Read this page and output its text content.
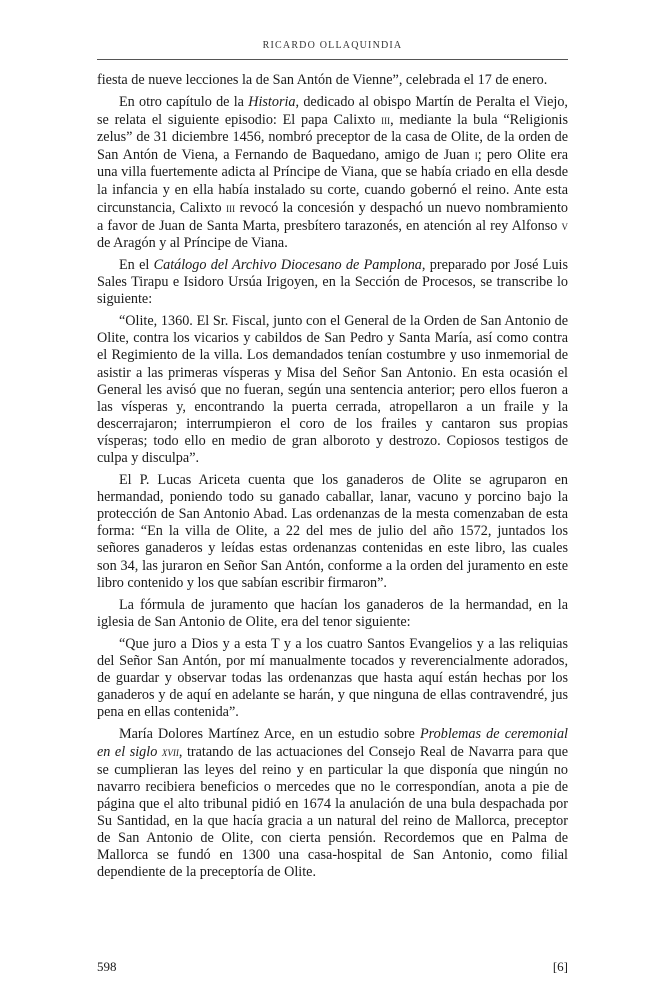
RICARDO OLLAQUINDIA

fiesta de nueve lecciones la de San Antón de Vienne”, celebrada el 17 de enero.

En otro capítulo de la Historia, dedicado al obispo Martín de Peralta el Viejo, se relata el siguiente episodio: El papa Calixto iii, mediante la bula “Religionis zelus” de 31 diciembre 1456, nombró preceptor de la casa de Olite, de la orden de San Antón de Viena, a Fernando de Baquedano, amigo de Juan i; pero Olite era una villa fuertemente adicta al Príncipe de Viana, que se había criado en ella desde la infancia y en ella había instalado su corte, cuando gobernó el reino. Ante esta circunstancia, Calixto iii revocó la concesión y despachó un nuevo nombramiento a favor de Juan de Santa Marta, presbítero tarazonés, en atención al rey Alfonso v de Aragón y al Príncipe de Viana.

En el Catálogo del Archivo Diocesano de Pamplona, preparado por José Luis Sales Tirapu e Isidoro Ursúa Irigoyen, en la Sección de Procesos, se transcribe lo siguiente:

“Olite, 1360. El Sr. Fiscal, junto con el General de la Orden de San Antonio de Olite, contra los vicarios y cabildos de San Pedro y Santa María, así como contra el Regimiento de la villa. Los demandados tenían costumbre y uso inmemorial de asistir a las primeras vísperas y Misa del Señor San Antonio. En esta ocasión el General les avisó que no fueran, según una sentencia anterior; pero ellos fueron a las vísperas y, encontrando la puerta cerrada, atropellaron a un fraile y la descerrajaron; interrumpieron el coro de los frailes y cantaron sus propias vísperas; todo ello en medio de gran alboroto y destrozo. Copiosos testigos de culpa y disculpa”.

El P. Lucas Ariceta cuenta que los ganaderos de Olite se agruparon en hermandad, poniendo todo su ganado caballar, lanar, vacuno y porcino bajo la protección de San Antonio Abad. Las ordenanzas de la mesta comenzaban de esta forma: “En la villa de Olite, a 22 del mes de julio del año 1572, juntados los señores ganaderos y leídas estas ordenanzas contenidas en este libro, las cuales son 34, las juraron en Señor San Antón, conforme a la orden del juramento en este libro contenido y los que sabían escribir firmaron”.

La fórmula de juramento que hacían los ganaderos de la hermandad, en la iglesia de San Antonio de Olite, era del tenor siguiente:

“Que juro a Dios y a esta T y a los cuatro Santos Evangelios y a las reliquias del Señor San Antón, por mí manualmente tocados y reverencialmente adorados, de guardar y observar todas las ordenanzas que hasta aquí están hechas por los ganaderos y de aquí en adelante se harán, y que ninguna de ellas contravendré, jus pena en ellas contenida”.

María Dolores Martínez Arce, en un estudio sobre Problemas de ceremonial en el siglo xvii, tratando de las actuaciones del Consejo Real de Navarra para que se cumplieran las leyes del reino y en particular la que disponía que ningún no navarro recibiera beneficios o mercedes que no le correspondían, anota a pie de página que el alto tribunal pidió en 1674 la anulación de una bula despachada por Su Santidad, en la que hacía gracia a un natural del reino de Mallorca, preceptor de San Antonio de Olite, con cierta pensión. Recordemos que en Palma de Mallorca se fundó en 1300 una casa-hospital de San Antonio, como filial dependiente de la preceptoría de Olite.

598	[6]
